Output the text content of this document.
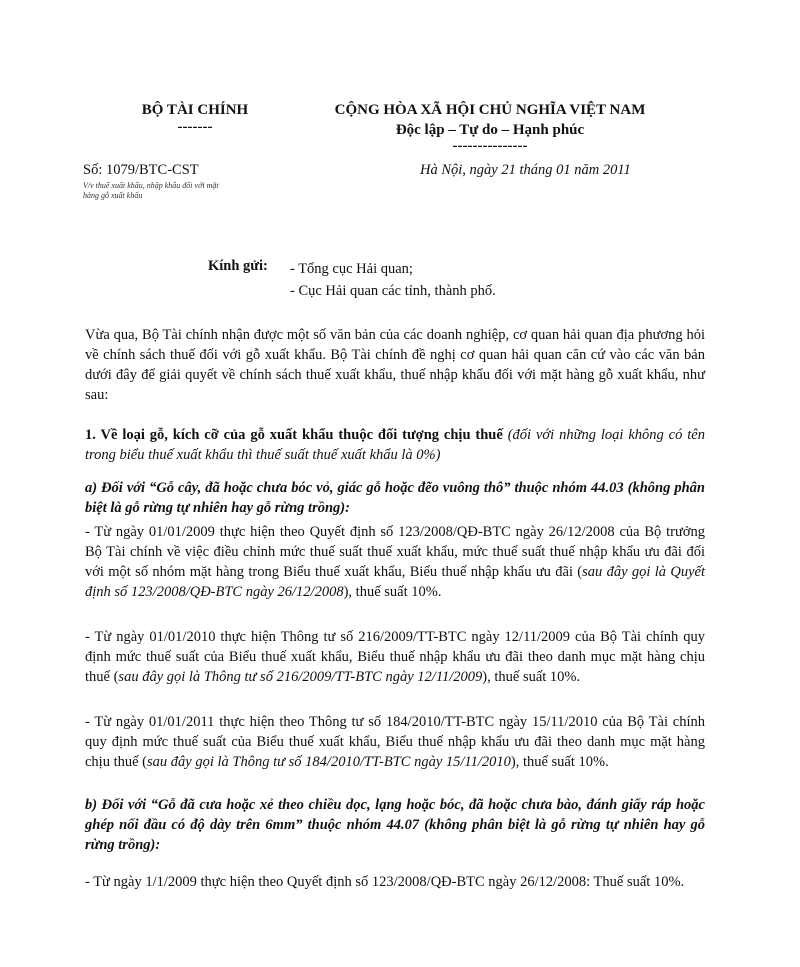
BỘ TÀI CHÍNH
-------
CỘNG HÒA XÃ HỘI CHỦ NGHĨA VIỆT NAM
Độc lập – Tự do – Hạnh phúc
---------------
Số: 1079/BTC-CST
V/v thuế xuất khẩu, nhập khẩu đối với mặt
hàng gỗ xuất khẩu
Hà Nội, ngày 21 tháng 01 năm 2011
Kính gửi: - Tổng cục Hải quan;
- Cục Hải quan các tỉnh, thành phố.
Vừa qua, Bộ Tài chính nhận được một số văn bản của các doanh nghiệp, cơ quan hải quan địa phương hỏi về chính sách thuế đối với gỗ xuất khẩu. Bộ Tài chính đề nghị cơ quan hải quan căn cứ vào các văn bản dưới đây để giải quyết về chính sách thuế xuất khẩu, thuế nhập khẩu đối với mặt hàng gỗ xuất khẩu, như sau:
1. Về loại gỗ, kích cỡ của gỗ xuất khẩu thuộc đối tượng chịu thuế (đối với những loại không có tên trong biểu thuế xuất khẩu thì thuế suất thuế xuất khẩu là 0%)
a) Đối với “Gỗ cây, đã hoặc chưa bóc vỏ, giác gỗ hoặc đẽo vuông thô” thuộc nhóm 44.03 (không phân biệt là gỗ rừng tự nhiên hay gỗ rừng trồng):
- Từ ngày 01/01/2009 thực hiện theo Quyết định số 123/2008/QĐ-BTC ngày 26/12/2008 của Bộ trưởng Bộ Tài chính về việc điều chỉnh mức thuế suất thuế xuất khẩu, mức thuế suất thuế nhập khẩu ưu đãi đối với một số nhóm mặt hàng trong Biểu thuế xuất khẩu, Biểu thuế nhập khẩu ưu đãi (sau đây gọi là Quyết định số 123/2008/QĐ-BTC ngày 26/12/2008), thuế suất 10%.
- Từ ngày 01/01/2010 thực hiện Thông tư số 216/2009/TT-BTC ngày 12/11/2009 của Bộ Tài chính quy định mức thuế suất của Biểu thuế xuất khẩu, Biểu thuế nhập khẩu ưu đãi theo danh mục mặt hàng chịu thuế (sau đây gọi là Thông tư số 216/2009/TT-BTC ngày 12/11/2009), thuế suất 10%.
- Từ ngày 01/01/2011 thực hiện theo Thông tư số 184/2010/TT-BTC ngày 15/11/2010 của Bộ Tài chính quy định mức thuế suất của Biểu thuế xuất khẩu, Biểu thuế nhập khẩu ưu đãi theo danh mục mặt hàng chịu thuế (sau đây gọi là Thông tư số 184/2010/TT-BTC ngày 15/11/2010), thuế suất 10%.
b) Đối với “Gỗ đã cưa hoặc xẻ theo chiều dọc, lạng hoặc bóc, đã hoặc chưa bào, đánh giấy ráp hoặc ghép nối đầu có độ dày trên 6mm” thuộc nhóm 44.07 (không phân biệt là gỗ rừng tự nhiên hay gỗ rừng trồng):
- Từ ngày 1/1/2009 thực hiện theo Quyết định số 123/2008/QĐ-BTC ngày 26/12/2008: Thuế suất 10%.
